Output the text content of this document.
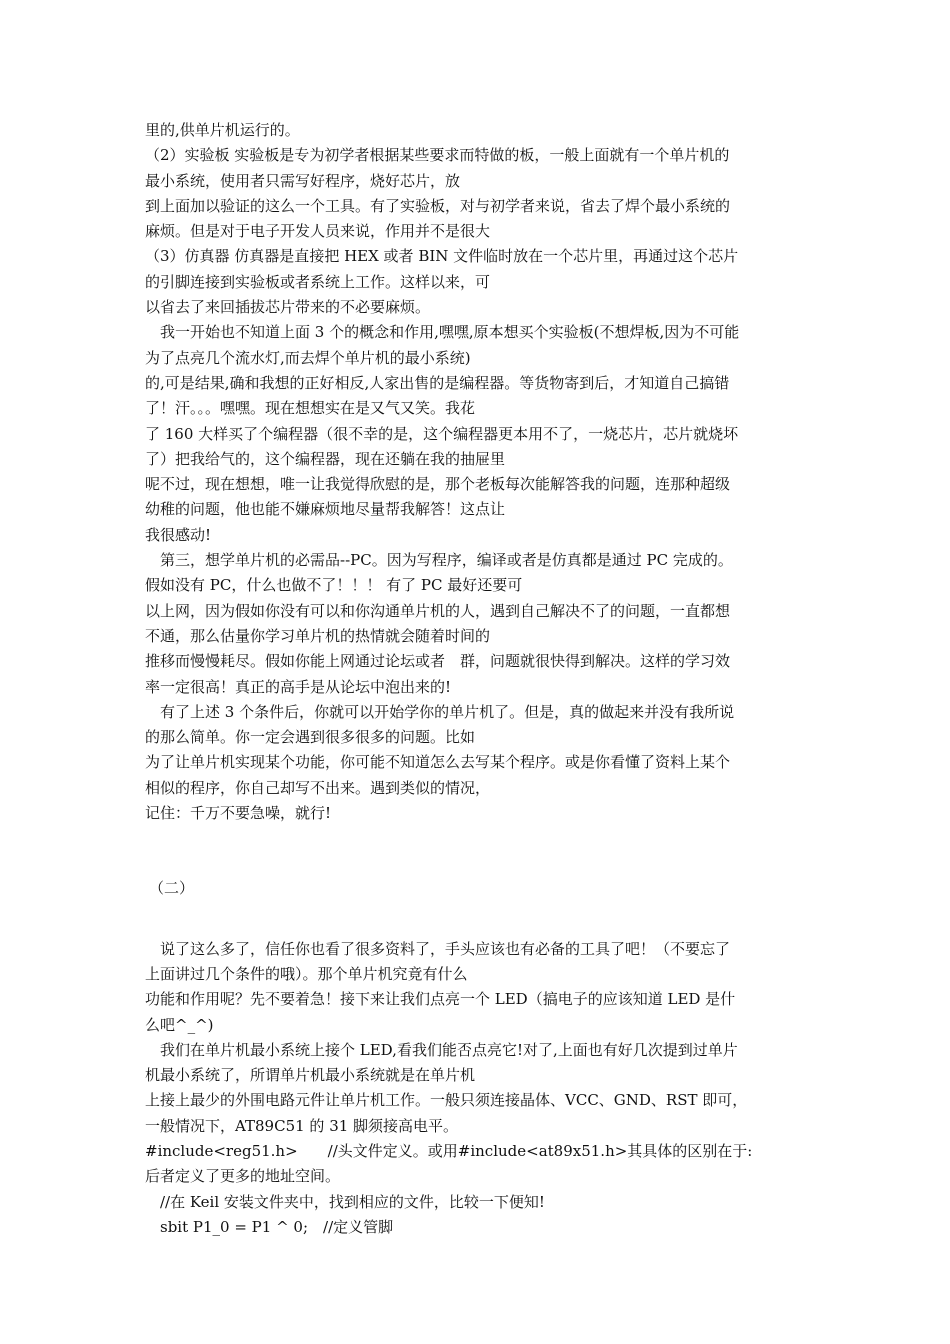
里的,供单片机运行的。
（2）实验板 实验板是专为初学者根据某些要求而特做的板，一般上面就有一个单片机的
最小系统，使用者只需写好程序，烧好芯片，放
到上面加以验证的这么一个工具。有了实验板，对与初学者来说，省去了焊个最小系统的
麻烦。但是对于电子开发人员来说，作用并不是很大
（3）仿真器 仿真器是直接把 HEX 或者 BIN 文件临时放在一个芯片里，再通过这个芯片
的引脚连接到实验板或者系统上工作。这样以来，可
以省去了来回插拔芯片带来的不必要麻烦。
　我一开始也不知道上面 3 个的概念和作用,嘿嘿,原本想买个实验板(不想焊板,因为不可能
为了点亮几个流水灯,而去焊个单片机的最小系统)
的,可是结果,确和我想的正好相反,人家出售的是编程器。等货物寄到后，才知道自己搞错
了！汗。。。嘿嘿。现在想想实在是又气又笑。我花
了 160 大样买了个编程器（很不幸的是，这个编程器更本用不了，一烧芯片，芯片就烧坏
了）把我给气的，这个编程器，现在还躺在我的抽屉里
呢不过，现在想想，唯一让我觉得欣慰的是，那个老板每次能解答我的问题，连那种超级
幼稚的问题，他也能不嫌麻烦地尽量帮我解答！这点让
我很感动!
　第三，想学单片机的必需品--PC。因为写程序，编译或者是仿真都是通过 PC 完成的。
假如没有 PC，什么也做不了！！！ 有了 PC 最好还要可
以上网，因为假如你没有可以和你沟通单片机的人，遇到自己解决不了的问题，一直都想
不通，那么估量你学习单片机的热情就会随着时间的
推移而慢慢耗尽。假如你能上网通过论坛或者　群，问题就很快得到解决。这样的学习效
率一定很高！真正的高手是从论坛中泡出来的!
　有了上述 3 个条件后，你就可以开始学你的单片机了。但是，真的做起来并没有我所说
的那么简单。你一定会遇到很多很多的问题。比如
为了让单片机实现某个功能，你可能不知道怎么去写某个程序。或是你看懂了资料上某个
相似的程序，你自己却写不出来。遇到类似的情况，
记住：千万不要急噪，就行!
（二）
　说了这么多了，信任你也看了很多资料了，手头应该也有必备的工具了吧！（不要忘了
上面讲过几个条件的哦）。那个单片机究竟有什么
功能和作用呢？先不要着急！接下来让我们点亮一个 LED（搞电子的应该知道 LED 是什
么吧^_^)
　我们在单片机最小系统上接个 LED,看我们能否点亮它!对了,上面也有好几次提到过单片
机最小系统了，所谓单片机最小系统就是在单片机
上接上最少的外围电路元件让单片机工作。一般只须连接晶体、VCC、GND、RST 即可，
一般情况下，AT89C51 的 31 脚须接高电平。
#include<reg51.h>　　//头文件定义。或用#include<at89x51.h>其具体的区别在于:
后者定义了更多的地址空间。
　//在 Keil 安装文件夹中，找到相应的文件，比较一下便知!
　sbit P1_0 = P1 ^ 0;　//定义管脚
